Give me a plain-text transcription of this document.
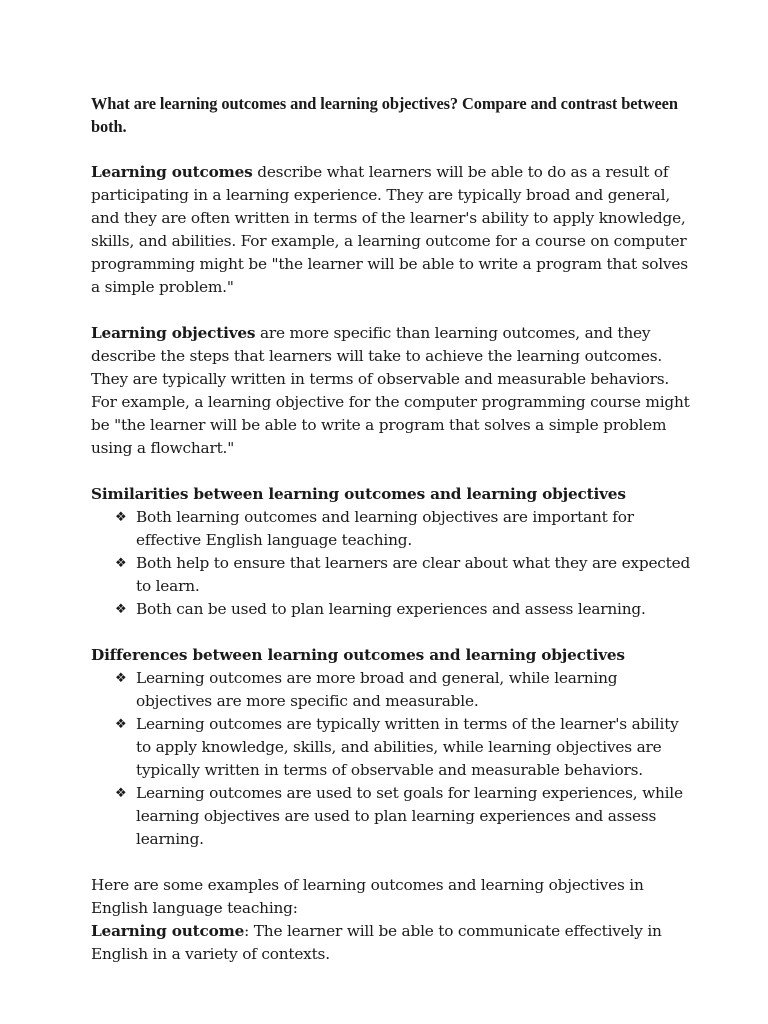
What are learning outcomes and learning objectives? Compare and contrast between both.

Learning outcomes describe what learners will be able to do as a result of participating in a learning experience. They are typically broad and general, and they are often written in terms of the learner's ability to apply knowledge, skills, and abilities. For example, a learning outcome for a course on computer programming might be "the learner will be able to write a program that solves a simple problem."

Learning objectives are more specific than learning outcomes, and they describe the steps that learners will take to achieve the learning outcomes. They are typically written in terms of observable and measurable behaviors. For example, a learning objective for the computer programming course might be "the learner will be able to write a program that solves a simple problem using a flowchart."

Similarities between learning outcomes and learning objectives
❖ Both learning outcomes and learning objectives are important for effective English language teaching.
❖ Both help to ensure that learners are clear about what they are expected to learn.
❖ Both can be used to plan learning experiences and assess learning.
Differences between learning outcomes and learning objectives
❖ Learning outcomes are more broad and general, while learning objectives are more specific and measurable.
❖ Learning outcomes are typically written in terms of the learner's ability to apply knowledge, skills, and abilities, while learning objectives are typically written in terms of observable and measurable behaviors.
❖ Learning outcomes are used to set goals for learning experiences, while learning objectives are used to plan learning experiences and assess learning.

Here are some examples of learning outcomes and learning objectives in English language teaching:

Learning outcome: The learner will be able to communicate effectively in English in a variety of contexts.
